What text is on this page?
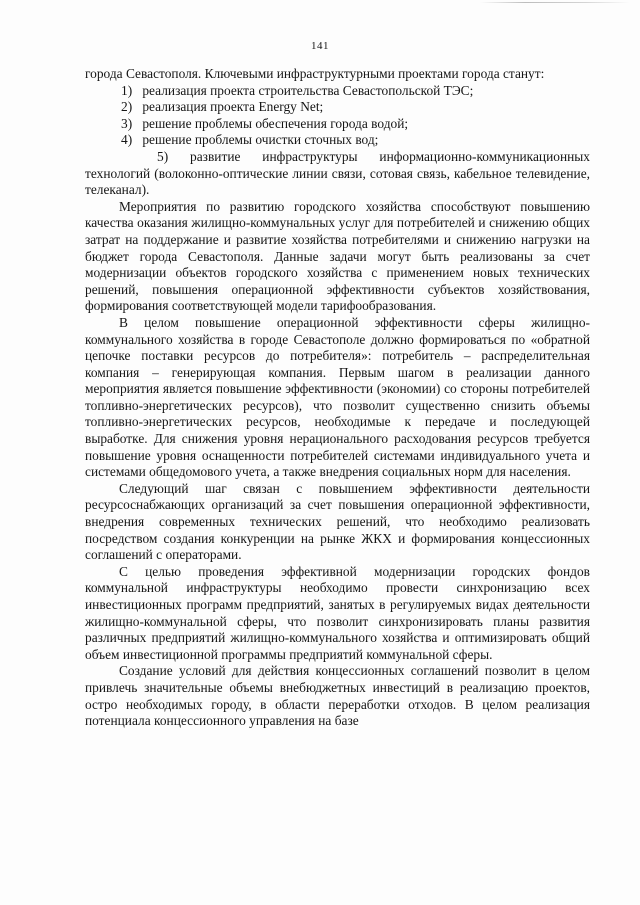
141

города Севастополя. Ключевыми инфраструктурными проектами города станут:

1) реализация проекта строительства Севастопольской ТЭС;
2) реализация проекта Energy Net;
3) решение проблемы обеспечения города водой;
4) решение проблемы очистки сточных вод;
5) развитие инфраструктуры информационно-коммуникационных технологий (волоконно-оптические линии связи, сотовая связь, кабельное телевидение, телеканал).

Мероприятия по развитию городского хозяйства способствуют повышению качества оказания жилищно-коммунальных услуг для потребителей и снижению общих затрат на поддержание и развитие хозяйства потребителями и снижению нагрузки на бюджет города Севастополя. Данные задачи могут быть реализованы за счет модернизации объектов городского хозяйства с применением новых технических решений, повышения операционной эффективности субъектов хозяйствования, формирования соответствующей модели тарифообразования.

В целом повышение операционной эффективности сферы жилищно-коммунального хозяйства в городе Севастополе должно формироваться по «обратной цепочке поставки ресурсов до потребителя»: потребитель – распределительная компания – генерирующая компания. Первым шагом в реализации данного мероприятия является повышение эффективности (экономии) со стороны потребителей топливно-энергетических ресурсов), что позволит существенно снизить объемы топливно-энергетических ресурсов, необходимые к передаче и последующей выработке. Для снижения уровня нерационального расходования ресурсов требуется повышение уровня оснащенности потребителей системами индивидуального учета и системами общедомового учета, а также внедрения социальных норм для населения.

Следующий шаг связан с повышением эффективности деятельности ресурсоснабжающих организаций за счет повышения операционной эффективности, внедрения современных технических решений, что необходимо реализовать посредством создания конкуренции на рынке ЖКХ и формирования концессионных соглашений с операторами.

С целью проведения эффективной модернизации городских фондов коммунальной инфраструктуры необходимо провести синхронизацию всех инвестиционных программ предприятий, занятых в регулируемых видах деятельности жилищно-коммунальной сферы, что позволит синхронизировать планы развития различных предприятий жилищно-коммунального хозяйства и оптимизировать общий объем инвестиционной программы предприятий коммунальной сферы.

Создание условий для действия концессионных соглашений позволит в целом привлечь значительные объемы внебюджетных инвестиций в реализацию проектов, остро необходимых городу, в области переработки отходов. В целом реализация потенциала концессионного управления на базе
